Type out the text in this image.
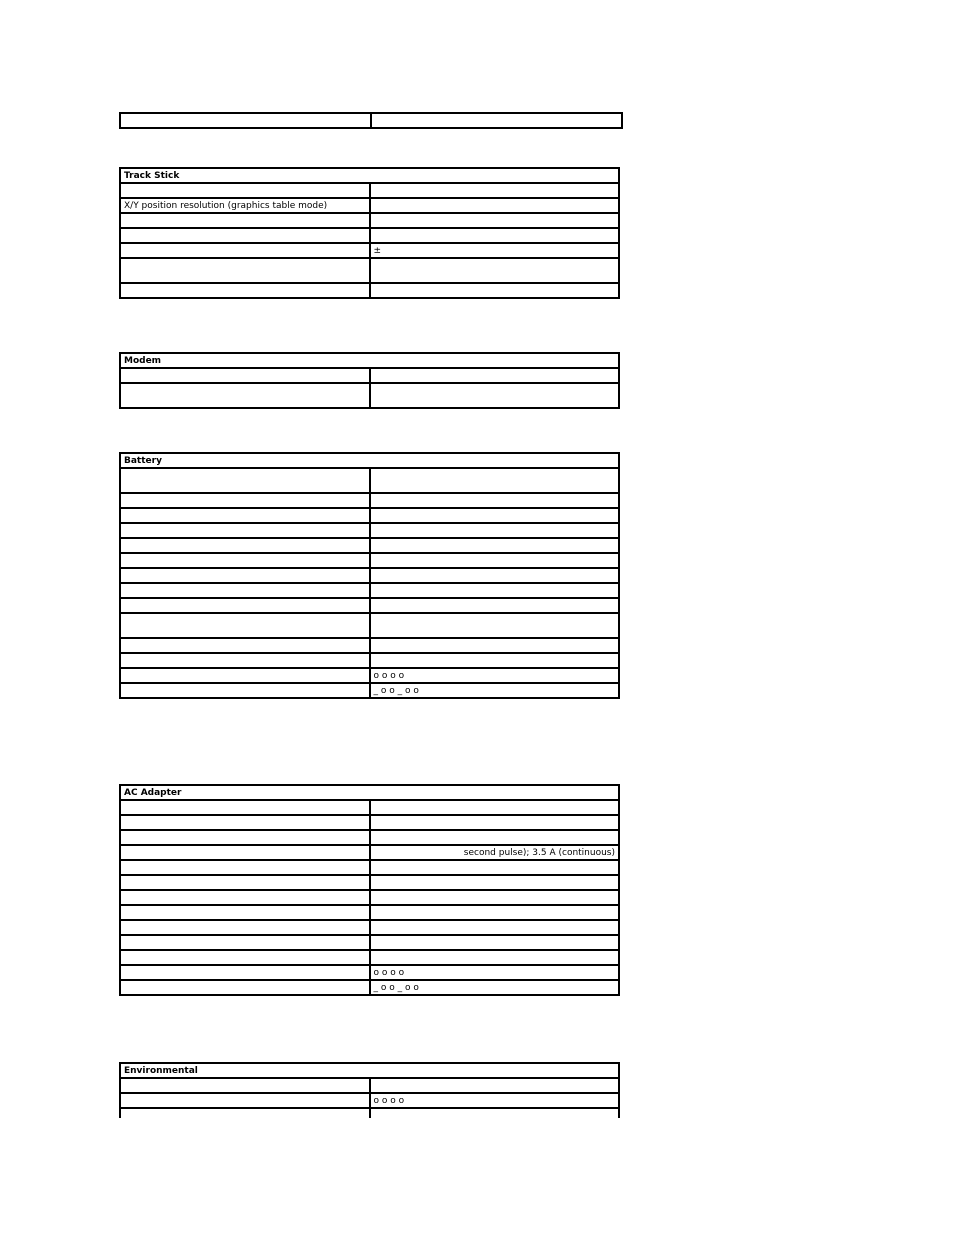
Track Stick	

X/Y position resolution (graphics table mode)	

	±

Modem	

Battery	

	o o o o
	_ o o _ o o
AC Adapter	

	second pulse); 3.5 A (continuous)

	o o o o
	_ o o _ o o
Environmental	

	o o o o
